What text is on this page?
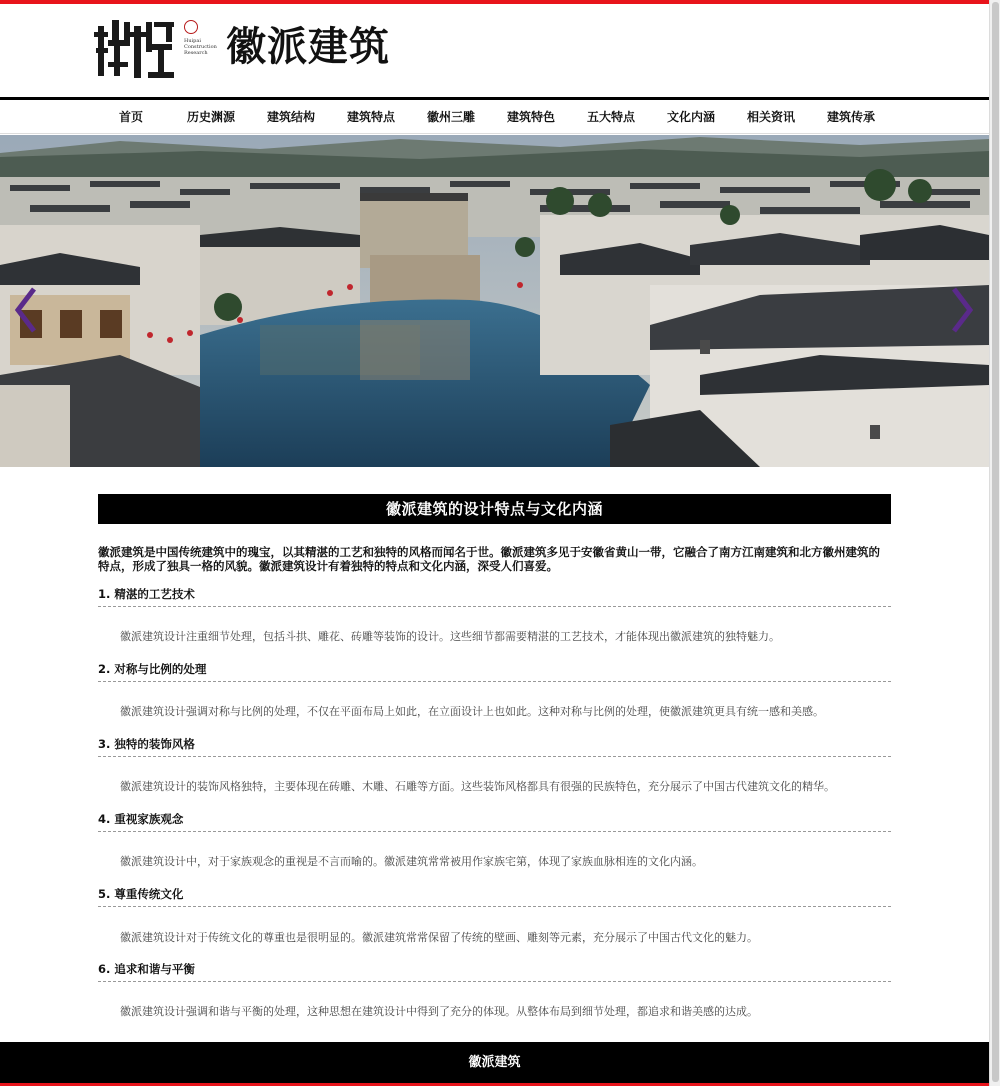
Huipai Construction Research 徽派建筑
首页	历史渊源	建筑结构	建筑特点	徽州三雕	建筑特色	五大特点	文化内涵	相关资讯	建筑传承
徽派建筑的设计特点与文化内涵
徽派建筑是中国传统建筑中的瑰宝，以其精湛的工艺和独特的风格而闻名于世。徽派建筑多见于安徽省黄山一带，它融合了南方江南建筑和北方徽州建筑的特点，形成了独具一格的风貌。徽派建筑设计有着独特的特点和文化内涵，深受人们喜爱。
1. 精湛的工艺技术
徽派建筑设计注重细节处理，包括斗拱、雕花、砖雕等装饰的设计。这些细节都需要精湛的工艺技术，才能体现出徽派建筑的独特魅力。
2. 对称与比例的处理
徽派建筑设计强调对称与比例的处理，不仅在平面布局上如此，在立面设计上也如此。这种对称与比例的处理，使徽派建筑更具有统一感和美感。
3. 独特的装饰风格
徽派建筑设计的装饰风格独特，主要体现在砖雕、木雕、石雕等方面。这些装饰风格都具有很强的民族特色，充分展示了中国古代建筑文化的精华。
4. 重视家族观念
徽派建筑设计中，对于家族观念的重视是不言而喻的。徽派建筑常常被用作家族宅第，体现了家族血脉相连的文化内涵。
5. 尊重传统文化
徽派建筑设计对于传统文化的尊重也是很明显的。徽派建筑常常保留了传统的壁画、雕刻等元素，充分展示了中国古代文化的魅力。
6. 追求和谐与平衡
徽派建筑设计强调和谐与平衡的处理，这种思想在建筑设计中得到了充分的体现。从整体布局到细节处理，都追求和谐美感的达成。
徽派建筑
